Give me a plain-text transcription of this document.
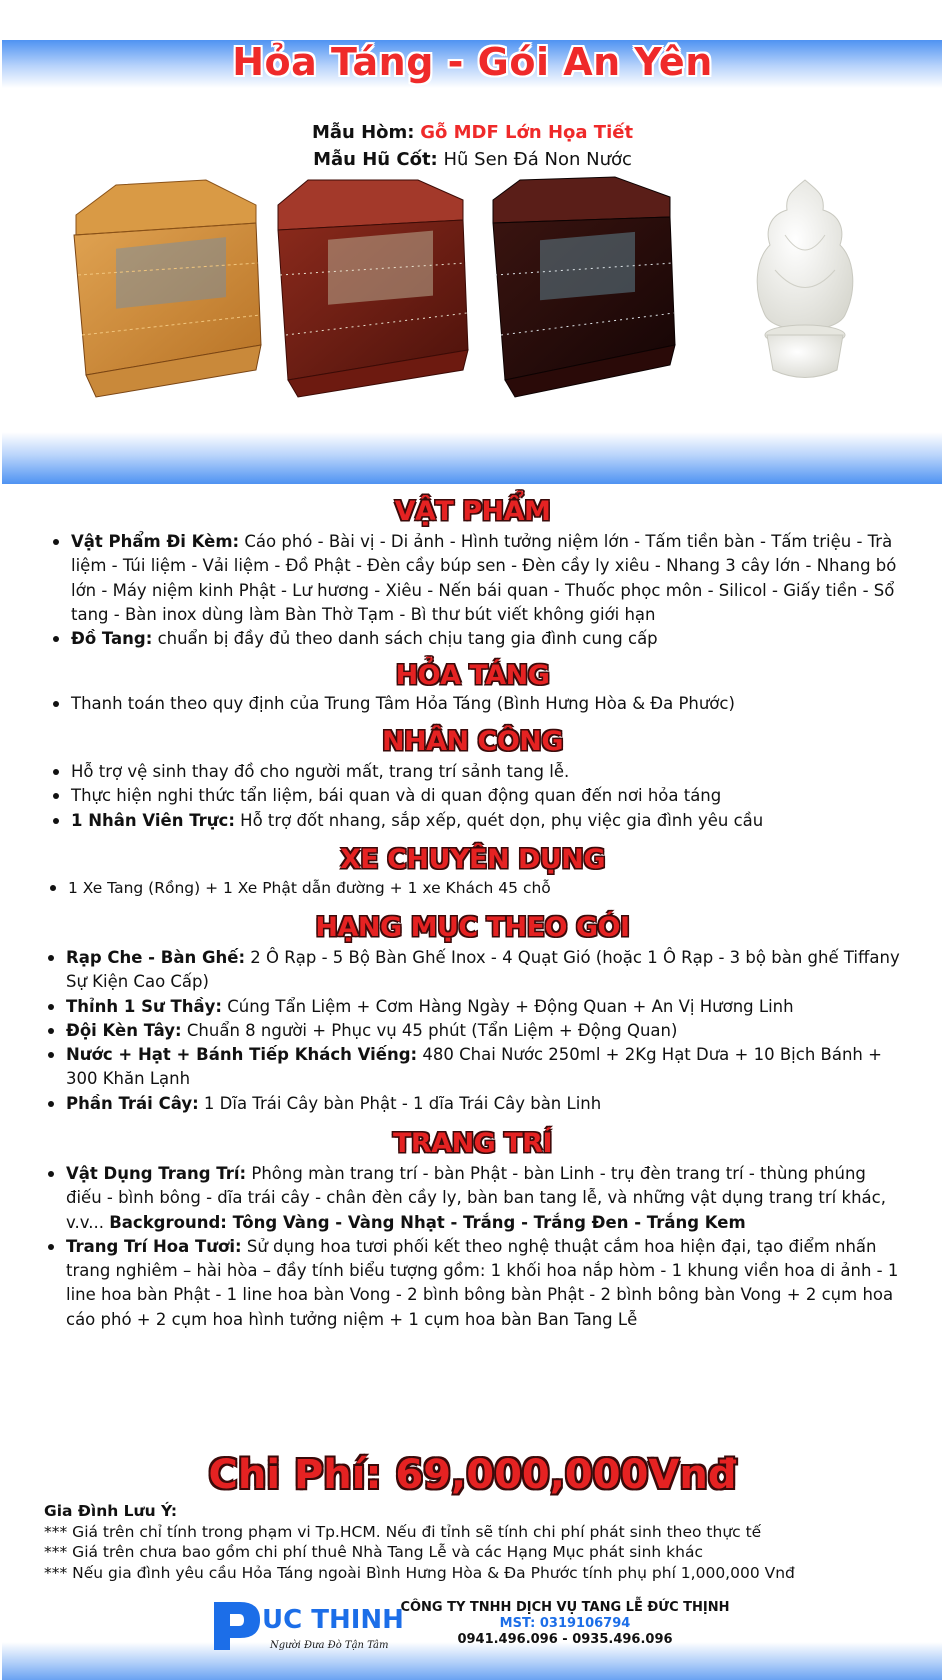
Hỏa Táng - Gói An Yên
Mẫu Hòm: Gỗ MDF Lớn Họa Tiết
Mẫu Hũ Cốt: Hũ Sen Đá Non Nước
VẬT PHẨM
Vật Phẩm Đi Kèm: Cáo phó - Bài vị - Di ảnh - Hình tưởng niệm lớn - Tấm tiền bàn - Tấm triệu - Trà liệm - Túi liệm - Vải liệm - Đồ Phật - Đèn cầy búp sen - Đèn cầy ly xiêu - Nhang 3 cây lớn - Nhang bó lớn - Máy niệm kinh Phật - Lư hương - Xiêu - Nến bái quan - Thuốc phọc môn - Silicol - Giấy tiền - Sổ tang - Bàn inox dùng làm Bàn Thờ Tạm - Bì thư bút viết không giới hạn
Đồ Tang: chuẩn bị đầy đủ theo danh sách chịu tang gia đình cung cấp
HỎA TÁNG
Thanh toán theo quy định của Trung Tâm Hỏa Táng (Bình Hưng Hòa & Đa Phước)
NHÂN CÔNG
Hỗ trợ vệ sinh thay đồ cho người mất, trang trí sảnh tang lễ.
Thực hiện nghi thức tẩn liệm, bái quan và di quan động quan đến nơi hỏa táng
1 Nhân Viên Trực: Hỗ trợ đốt nhang, sắp xếp, quét dọn, phụ việc gia đình yêu cầu
XE CHUYÊN DỤNG
1 Xe Tang (Rồng) + 1 Xe Phật dẫn đường + 1 xe Khách 45 chỗ
HẠNG MỤC THEO GÓI
Rạp Che - Bàn Ghế: 2 Ô Rạp - 5 Bộ Bàn Ghế Inox - 4 Quạt Gió (hoặc 1 Ô Rạp - 3 bộ bàn ghế Tiffany Sự Kiện Cao Cấp)
Thỉnh 1 Sư Thầy: Cúng Tẩn Liệm + Cơm Hàng Ngày + Động Quan + An Vị Hương Linh
Đội Kèn Tây: Chuẩn 8 người + Phục vụ 45 phút (Tẩn Liệm + Động Quan)
Nước + Hạt + Bánh Tiếp Khách Viếng: 480 Chai Nước 250ml + 2Kg Hạt Dưa + 10 Bịch Bánh + 300 Khăn Lạnh
Phần Trái Cây: 1 Dĩa Trái Cây bàn Phật - 1 dĩa Trái Cây bàn Linh
TRANG TRÍ
Vật Dụng Trang Trí: Phông màn trang trí - bàn Phật - bàn Linh - trụ đèn trang trí - thùng phúng điếu - bình bông - dĩa trái cây - chân đèn cầy ly, bàn ban tang lễ, và những vật dụng trang trí khác, v.v... Background: Tông Vàng - Vàng Nhạt - Trắng - Trắng Đen - Trắng Kem
Trang Trí Hoa Tươi: Sử dụng hoa tươi phối kết theo nghệ thuật cắm hoa hiện đại, tạo điểm nhấn trang nghiêm – hài hòa – đầy tính biểu tượng gồm: 1 khối hoa nắp hòm - 1 khung viền hoa di ảnh - 1 line hoa bàn Phật - 1 line hoa bàn Vong - 2 bình bông bàn Phật - 2 bình bông bàn Vong + 2 cụm hoa cáo phó + 2 cụm hoa hình tưởng niệm + 1 cụm hoa bàn Ban Tang Lễ
Chi Phí: 69,000,000Vnđ
Gia Đình Lưu Ý:
*** Giá trên chỉ tính trong phạm vi Tp.HCM. Nếu đi tỉnh sẽ tính chi phí phát sinh theo thực tế
*** Giá trên chưa bao gồm chi phí thuê Nhà Tang Lễ và các Hạng Mục phát sinh khác
*** Nếu gia đình yêu cầu Hỏa Táng ngoài Bình Hưng Hòa & Đa Phước tính phụ phí 1,000,000 Vnđ
UC THINH
Người Đưa Đò Tận Tâm
CÔNG TY TNHH DỊCH VỤ TANG LỄ ĐỨC THỊNH
MST: 0319106794
0941.496.096 - 0935.496.096
